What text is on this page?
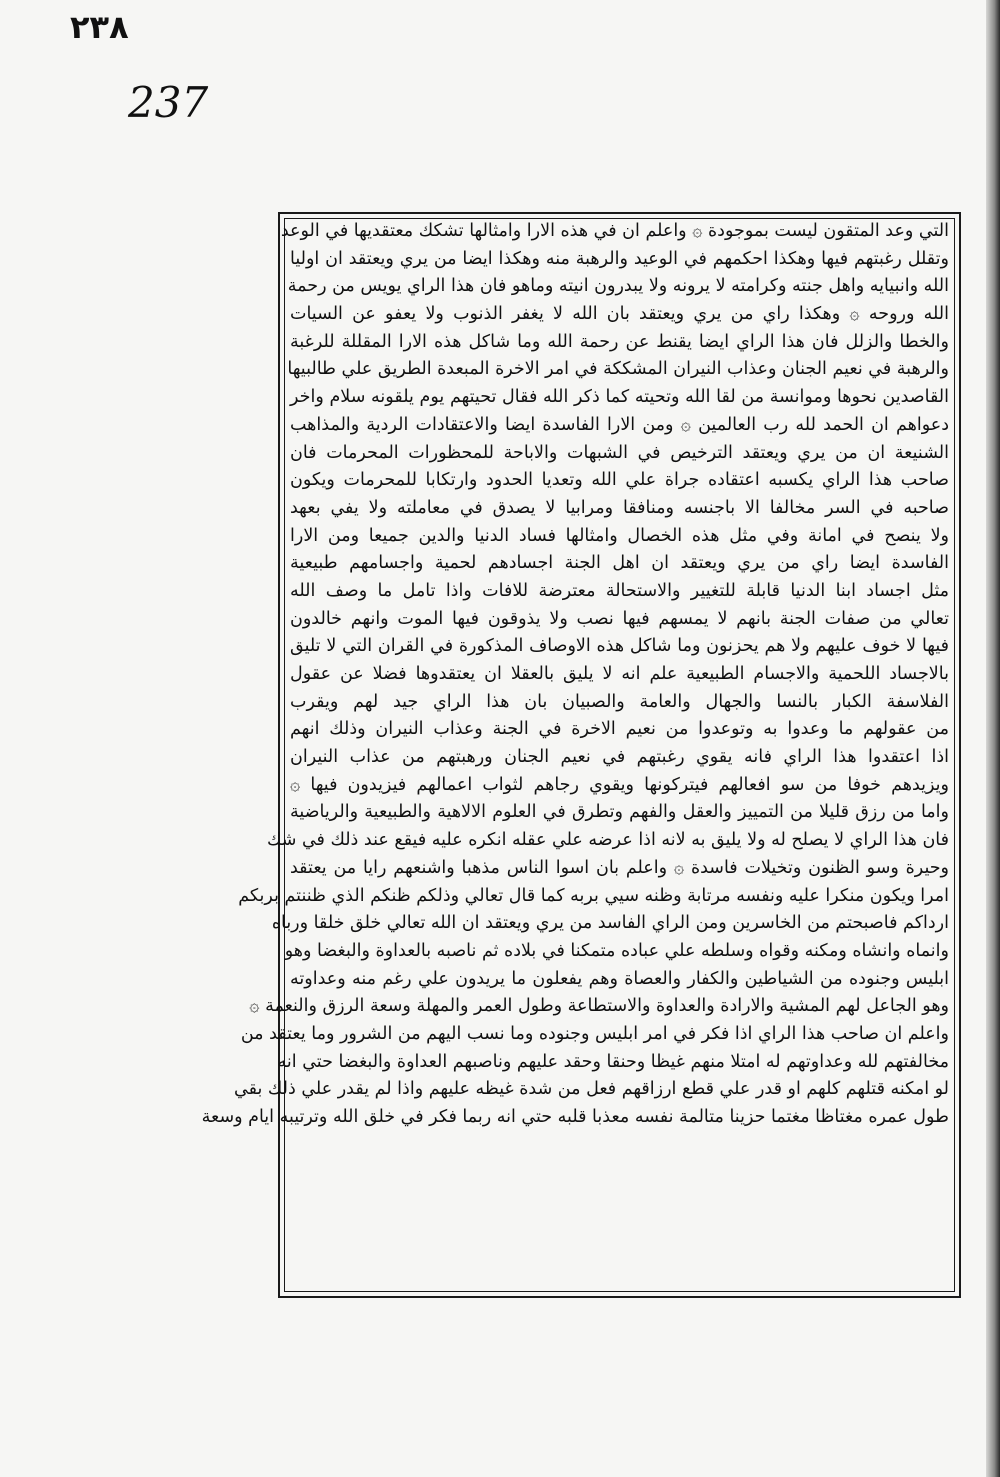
٢٣٨
237
التي وعد المتقون ليست بموجودة ۞ واعلم ان في هذه الارا وامثالها تشكك معتقديها في الوعد
وتقلل رغبتهم فيها وهكذا احكمهم في الوعيد والرهبة منه وهكذا ايضا من يري ويعتقد ان اوليا
الله وانبيايه واهل جنته وكرامته لا يرونه ولا يبدرون انيته وماهو فان هذا الراي يويس من رحمة
الله وروحه ۞ وهكذا راي من يري ويعتقد بان الله لا يغفر الذنوب ولا يعفو عن السيات
والخطا والزلل فان هذا الراي ايضا يقنط عن رحمة الله وما شاكل هذه الارا المقللة للرغبة
والرهبة في نعيم الجنان وعذاب النيران المشككة في امر الاخرة المبعدة الطريق علي طالبيها
القاصدين نحوها وموانسة من لقا الله وتحيته كما ذكر الله فقال تحيتهم يوم يلقونه سلام واخر
دعواهم ان الحمد لله رب العالمين ۞ ومن الارا الفاسدة ايضا والاعتقادات الردية والمذاهب
الشنيعة ان من يري ويعتقد الترخيص في الشبهات والاباحة للمحظورات المحرمات فان
صاحب هذا الراي يكسبه اعتقاده جراة علي الله وتعديا الحدود وارتكابا للمحرمات ويكون
صاحبه في السر مخالفا الا باجنسه ومنافقا ومرابيا لا يصدق في معاملته ولا يفي بعهد
ولا ينصح في امانة وفي مثل هذه الخصال وامثالها فساد الدنيا والدين جميعا ومن الارا
الفاسدة ايضا راي من يري ويعتقد ان اهل الجنة اجسادهم لحمية واجسامهم طبيعية
مثل اجساد ابنا الدنيا قابلة للتغيير والاستحالة معترضة للافات واذا تامل ما وصف الله
تعالي من صفات الجنة بانهم لا يمسهم فيها نصب ولا يذوقون فيها الموت وانهم خالدون
فيها لا خوف عليهم ولا هم يحزنون وما شاكل هذه الاوصاف المذكورة في القران التي لا تليق
بالاجساد اللحمية والاجسام الطبيعية علم انه لا يليق بالعقلا ان يعتقدوها فضلا عن عقول
الفلاسفة الكبار بالنسا والجهال والعامة والصبيان بان هذا الراي جيد لهم ويقرب
من عقولهم ما وعدوا به وتوعدوا من نعيم الاخرة في الجنة وعذاب النيران وذلك انهم
اذا اعتقدوا هذا الراي فانه يقوي رغبتهم في نعيم الجنان ورهبتهم من عذاب النيران
ويزيدهم خوفا من سو افعالهم فيتركونها ويقوي رجاهم لثواب اعمالهم فيزيدون فيها ۞
واما من رزق قليلا من التمييز والعقل والفهم وتطرق في العلوم الالاهية والطبيعية والرياضية
فان هذا الراي لا يصلح له ولا يليق به لانه اذا عرضه علي عقله انكره عليه فيقع عند ذلك في شك
وحيرة وسو الظنون وتخيلات فاسدة ۞ واعلم بان اسوا الناس مذهبا واشنعهم رايا من يعتقد
امرا ويكون منكرا عليه ونفسه مرتابة وظنه سيي بربه كما قال تعالي وذلكم ظنكم الذي ظننتم بربكم
ارداكم فاصبحتم من الخاسرين ومن الراي الفاسد من يري ويعتقد ان الله تعالي خلق خلقا ورباه
وانماه وانشاه ومكنه وقواه وسلطه علي عباده متمكنا في بلاده ثم ناصبه بالعداوة والبغضا وهو
ابليس وجنوده من الشياطين والكفار والعصاة وهم يفعلون ما يريدون علي رغم منه وعداوته
وهو الجاعل لهم المشية والارادة والعداوة والاستطاعة وطول العمر والمهلة وسعة الرزق والنعمة ۞
واعلم ان صاحب هذا الراي اذا فكر في امر ابليس وجنوده وما نسب اليهم من الشرور وما يعتقد من
مخالفتهم لله وعداوتهم له امتلا منهم غيظا وحنقا وحقد عليهم وناصبهم العداوة والبغضا حتي انه
لو امكنه قتلهم كلهم او قدر علي قطع ارزاقهم فعل من شدة غيظه عليهم واذا لم يقدر علي ذلك بقي
طول عمره مغتاظا مغتما حزينا متالمة نفسه معذبا قلبه حتي انه ربما فكر في خلق الله وترتيبه ايام وسعة
